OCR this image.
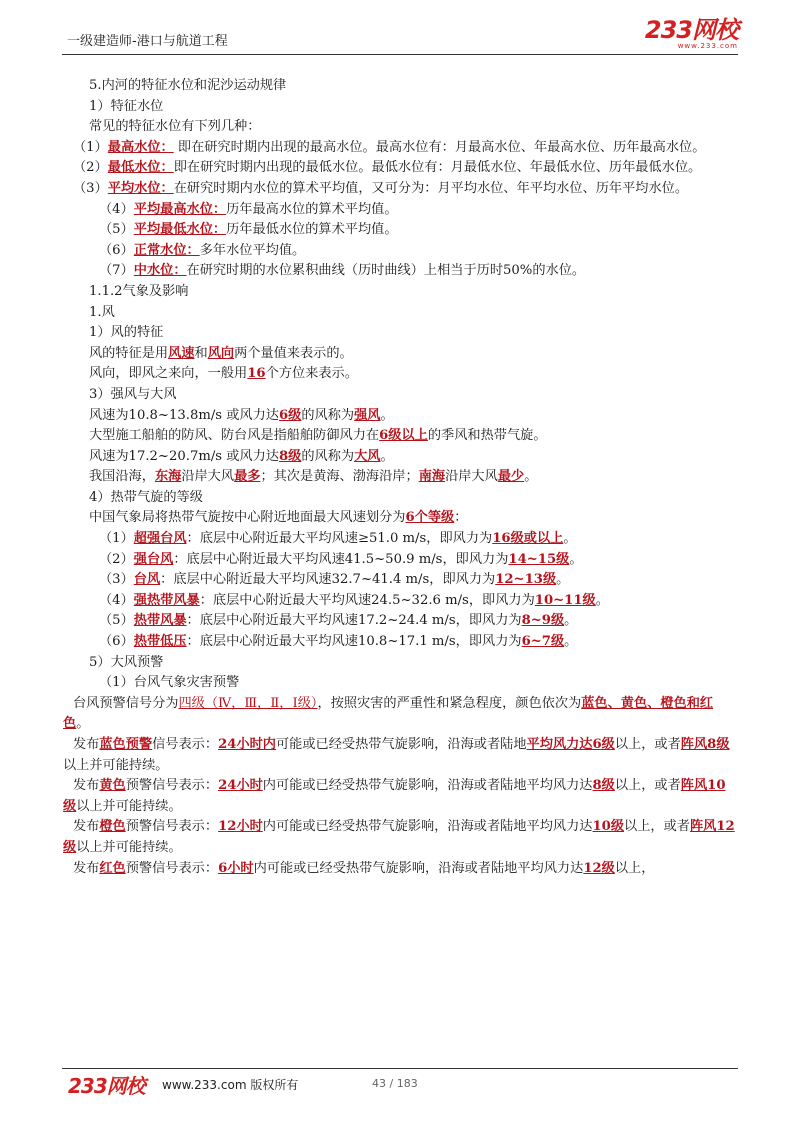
一级建造师-港口与航道工程	233网校
www.233.com

5.内河的特征水位和泥沙运动规律

1）特征水位

常见的特征水位有下列几种：

（1）最高水位： 即在研究时期内出现的最高水位。最高水位有：月最高水位、年最高水位、历年最高水位。

（2）最低水位：即在研究时期内出现的最低水位。最低水位有：月最低水位、年最低水位、历年最低水位。

（3）平均水位：在研究时期内水位的算术平均值，又可分为：月平均水位、年平均水位、历年平均水位。

（4）平均最高水位：历年最高水位的算术平均值。

（5）平均最低水位：历年最低水位的算术平均值。

（6）正常水位：多年水位平均值。

（7）中水位：在研究时期的水位累积曲线（历时曲线）上相当于历时50%的水位。

1.1.2气象及影响

1.风

1）风的特征

风的特征是用风速和风向两个量值来表示的。

风向，即风之来向，一般用16个方位来表示。

3）强风与大风

风速为10.8~13.8m/s 或风力达6级的风称为强风。

大型施工船舶的防风、防台风是指船舶防御风力在6级以上的季风和热带气旋。

风速为17.2~20.7m/s 或风力达8级的风称为大风。

我国沿海，东海沿岸大风最多；其次是黄海、渤海沿岸；南海沿岸大风最少。

4）热带气旋的等级

中国气象局将热带气旋按中心附近地面最大风速划分为6个等级：

（1）超强台风：底层中心附近最大平均风速≥51.0 m/s，即风力为16级或以上。

（2）强台风：底层中心附近最大平均风速41.5~50.9 m/s，即风力为14~15级。

（3）台风：底层中心附近最大平均风速32.7~41.4 m/s，即风力为12~13级。

（4）强热带风暴：底层中心附近最大平均风速24.5~32.6 m/s，即风力为10~11级。

（5）热带风暴：底层中心附近最大平均风速17.2~24.4 m/s，即风力为8~9级。

（6）热带低压：底层中心附近最大平均风速10.8~17.1 m/s，即风力为6~7级。

5）大风预警

（1）台风气象灾害预警

台风预警信号分为四级（Ⅳ，Ⅲ，Ⅱ，Ⅰ级），按照灾害的严重性和紧急程度，颜色依次为蓝色、黄色、橙色和红色。

发布蓝色预警信号表示：24小时内可能或已经受热带气旋影响，沿海或者陆地平均风力达6级以上，或者阵风8级以上并可能持续。

发布黄色预警信号表示：24小时内可能或已经受热带气旋影响，沿海或者陆地平均风力达8级以上，或者阵风10级以上并可能持续。

发布橙色预警信号表示：12小时内可能或已经受热带气旋影响，沿海或者陆地平均风力达10级以上，或者阵风12级以上并可能持续。

发布红色预警信号表示：6小时内可能或已经受热带气旋影响，沿海或者陆地平均风力达12级以上，

233网校 www.233.com 版权所有	43 / 183
